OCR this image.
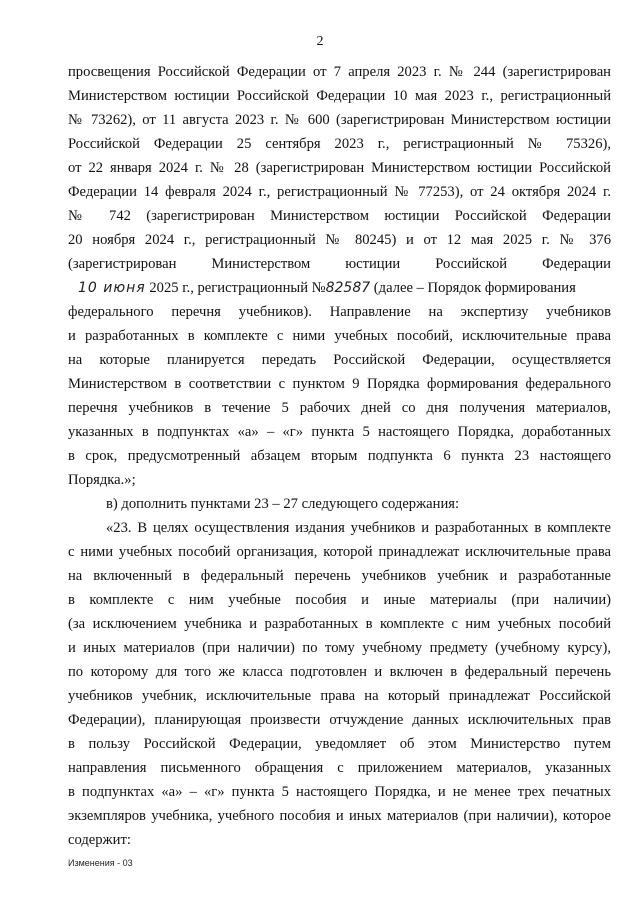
2
просвещения Российской Федерации от 7 апреля 2023 г. № 244 (зарегистрирован
Министерством юстиции Российской Федерации 10 мая 2023 г., регистрационный
№ 73262), от 11 августа 2023 г. № 600 (зарегистрирован Министерством юстиции
Российской Федерации 25 сентября 2023 г., регистрационный № 75326),
от 22 января 2024 г. № 28 (зарегистрирован Министерством юстиции Российской
Федерации 14 февраля 2024 г., регистрационный № 77253), от 24 октября 2024 г.
№ 742 (зарегистрирован Министерством юстиции Российской Федерации
20 ноября 2024 г., регистрационный № 80245) и от 12 мая 2025 г. № 376
(зарегистрирован Министерством юстиции Российской Федерации
10 июня 2025 г., регистрационный №82587 (далее – Порядок формирования
федерального перечня учебников). Направление на экспертизу учебников
и разработанных в комплекте с ними учебных пособий, исключительные права
на которые планируется передать Российской Федерации, осуществляется
Министерством в соответствии с пунктом 9 Порядка формирования федерального
перечня учебников в течение 5 рабочих дней со дня получения материалов,
указанных в подпунктах «а» – «г» пункта 5 настоящего Порядка, доработанных
в срок, предусмотренный абзацем вторым подпункта 6 пункта 23 настоящего
Порядка.»;
в) дополнить пунктами 23 – 27 следующего содержания:
«23. В целях осуществления издания учебников и разработанных в комплекте
с ними учебных пособий организация, которой принадлежат исключительные права
на включенный в федеральный перечень учебников учебник и разработанные
в комплекте с ним учебные пособия и иные материалы (при наличии)
(за исключением учебника и разработанных в комплекте с ним учебных пособий
и иных материалов (при наличии) по тому учебному предмету (учебному курсу),
по которому для того же класса подготовлен и включен в федеральный перечень
учебников учебник, исключительные права на который принадлежат Российской
Федерации), планирующая произвести отчуждение данных исключительных прав
в пользу Российской Федерации, уведомляет об этом Министерство путем
направления письменного обращения с приложением материалов, указанных
в подпунктах «а» – «г» пункта 5 настоящего Порядка, и не менее трех печатных
экземпляров учебника, учебного пособия и иных материалов (при наличии), которое
содержит:
Изменения - 03
